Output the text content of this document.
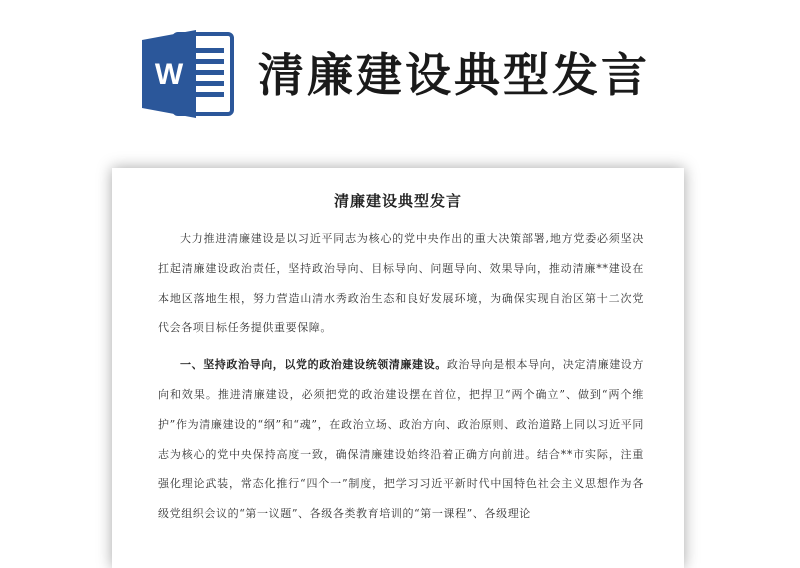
W 清廉建设典型发言
清廉建设典型发言

大力推进清廉建设是以习近平同志为核心的党中央作出的重大决策部署,地方党委必须坚决扛起清廉建设政治责任，坚持政治导向、目标导向、问题导向、效果导向，推动清廉**建设在本地区落地生根，努力营造山清水秀政治生态和良好发展环境，为确保实现自治区第十二次党代会各项目标任务提供重要保障。

一、坚持政治导向，以党的政治建设统领清廉建设。政治导向是根本导向，决定清廉建设方向和效果。推进清廉建设，必须把党的政治建设摆在首位，把捍卫“两个确立”、做到“两个维护”作为清廉建设的“纲”和“魂”，在政治立场、政治方向、政治原则、政治道路上同以习近平同志为核心的党中央保持高度一致，确保清廉建设始终沿着正确方向前进。结合**市实际，注重强化理论武装，常态化推行“四个一”制度，把学习习近平新时代中国特色社会主义思想作为各级党组织会议的“第一议题”、各级各类教育培训的“第一课程”、各级理论
